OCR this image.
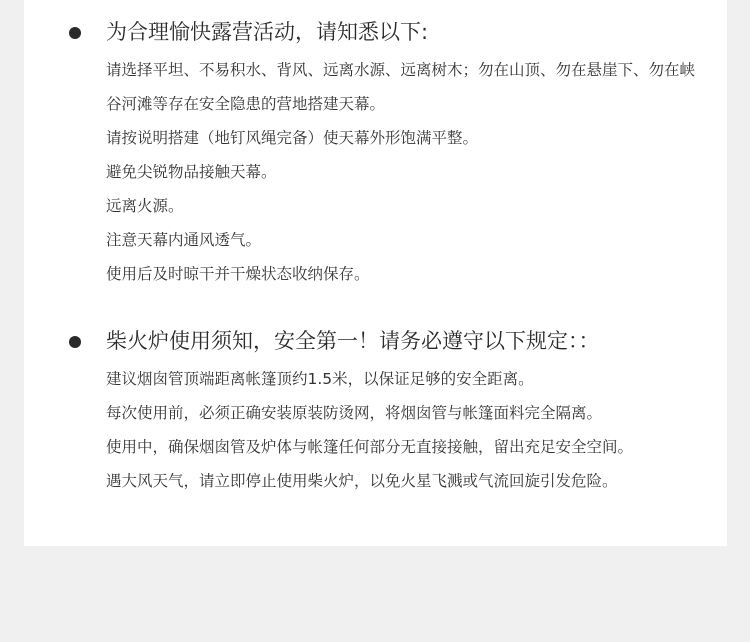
为合理愉快露营活动，请知悉以下:
请选择平坦、不易积水、背风、远离水源、远离树木；勿在山顶、勿在悬崖下、勿在峡谷河滩等存在安全隐患的营地搭建天幕。
请按说明搭建（地钉风绳完备）使天幕外形饱满平整。
避免尖锐物品接触天幕。
远离火源。
注意天幕内通风透气。
使用后及时晾干并干燥状态收纳保存。
柴火炉使用须知，安全第一！请务必遵守以下规定：：
建议烟囱管顶端距离帐篷顶约1.5米，以保证足够的安全距离。
每次使用前，必须正确安装原装防烫网，将烟囱管与帐篷面料完全隔离。
使用中，确保烟囱管及炉体与帐篷任何部分无直接接触，留出充足安全空间。
遇大风天气，请立即停止使用柴火炉，以免火星飞溅或气流回旋引发危险。
